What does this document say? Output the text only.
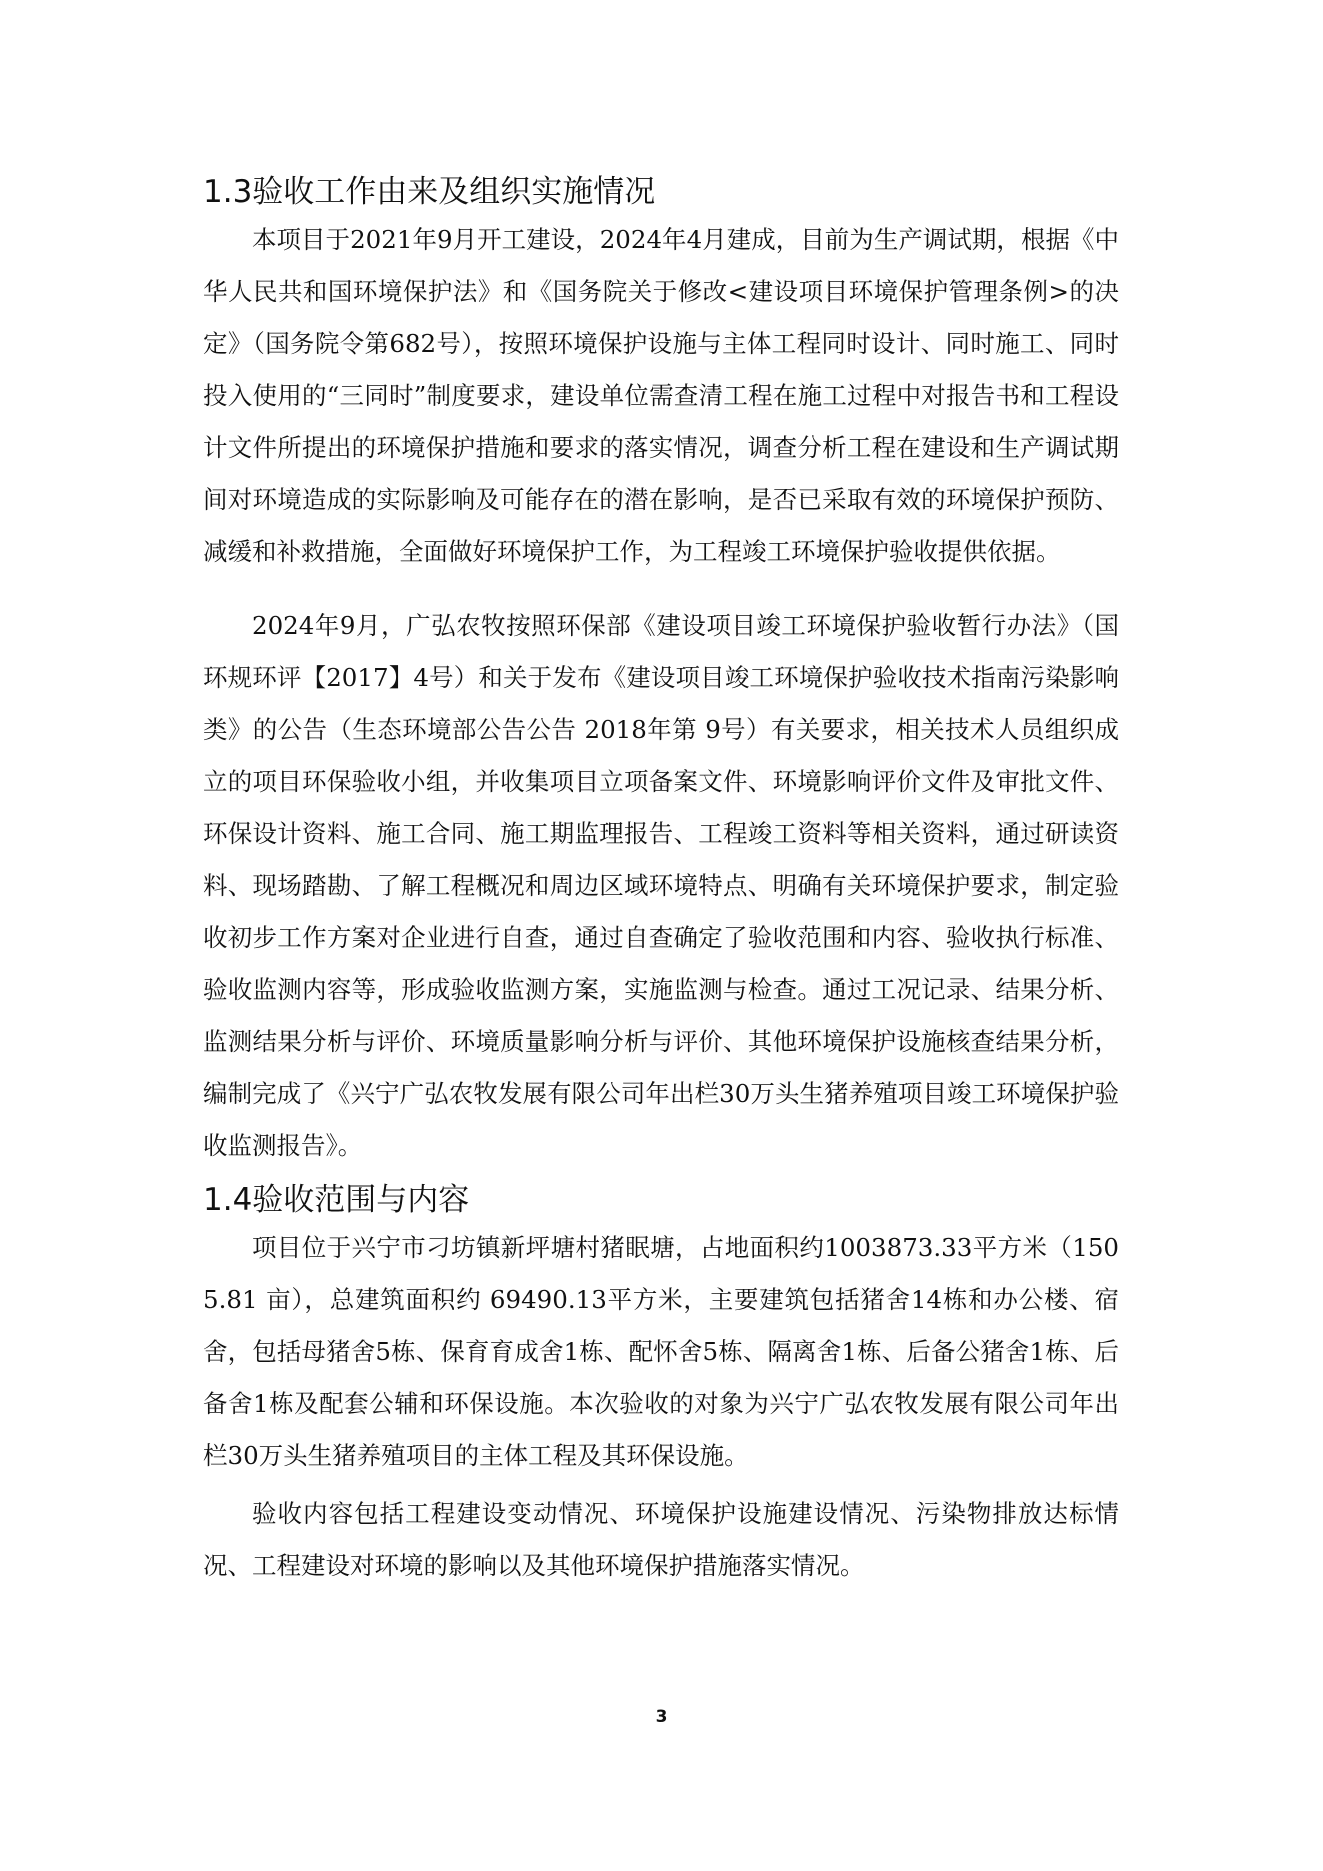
1.3验收工作由来及组织实施情况

本项目于2021年9月开工建设，2024年4月建成，目前为生产调试期，根据《中华人民共和国环境保护法》和《国务院关于修改<建设项目环境保护管理条例>的决定》（国务院令第682号），按照环境保护设施与主体工程同时设计、同时施工、同时投入使用的“三同时”制度要求，建设单位需查清工程在施工过程中对报告书和工程设计文件所提出的环境保护措施和要求的落实情况，调查分析工程在建设和生产调试期间对环境造成的实际影响及可能存在的潜在影响，是否已采取有效的环境保护预防、减缓和补救措施，全面做好环境保护工作，为工程竣工环境保护验收提供依据。

2024年9月，广弘农牧按照环保部《建设项目竣工环境保护验收暂行办法》（国环规环评【2017】4号）和关于发布《建设项目竣工环境保护验收技术指南污染影响类》的公告（生态环境部公告公告 2018年第 9号）有关要求，相关技术人员组织成立的项目环保验收小组，并收集项目立项备案文件、环境影响评价文件及审批文件、环保设计资料、施工合同、施工期监理报告、工程竣工资料等相关资料，通过研读资料、现场踏勘、了解工程概况和周边区域环境特点、明确有关环境保护要求，制定验收初步工作方案对企业进行自查，通过自查确定了验收范围和内容、验收执行标准、验收监测内容等，形成验收监测方案，实施监测与检查。通过工况记录、结果分析、监测结果分析与评价、环境质量影响分析与评价、其他环境保护设施核查结果分析，编制完成了《兴宁广弘农牧发展有限公司年出栏30万头生猪养殖项目竣工环境保护验收监测报告》。

1.4验收范围与内容

项目位于兴宁市刁坊镇新坪塘村猪眠塘，占地面积约1003873.33平方米（1505.81 亩），总建筑面积约 69490.13平方米，主要建筑包括猪舍14栋和办公楼、宿舍，包括母猪舍5栋、保育育成舍1栋、配怀舍5栋、隔离舍1栋、后备公猪舍1栋、后备舍1栋及配套公辅和环保设施。本次验收的对象为兴宁广弘农牧发展有限公司年出栏30万头生猪养殖项目的主体工程及其环保设施。

验收内容包括工程建设变动情况、环境保护设施建设情况、污染物排放达标情况、工程建设对环境的影响以及其他环境保护措施落实情况。

3
